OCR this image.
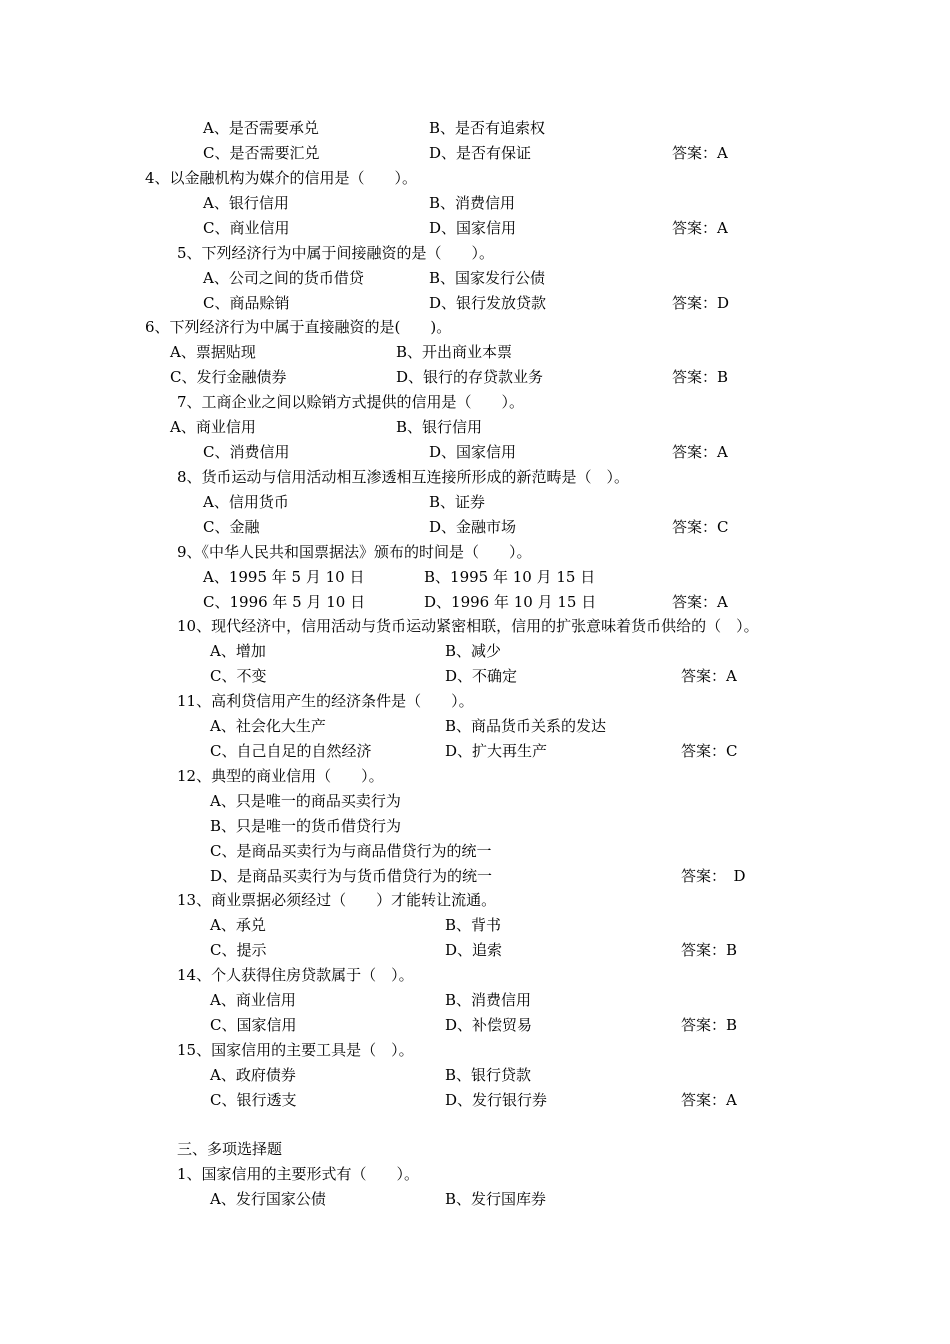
A、是否需要承兑	B、是否有追索权
C、是否需要汇兑	D、是否有保证	答案：A
4、以金融机构为媒介的信用是（　　）。
A、银行信用	B、消费信用
C、商业信用	D、国家信用	答案：A
5、下列经济行为中属于间接融资的是（　　）。
A、公司之间的货币借贷	B、国家发行公债
C、商品赊销	D、银行发放贷款	答案：D
6、下列经济行为中属于直接融资的是(　　)。
A、票据贴现	B、开出商业本票
C、发行金融债券	D、银行的存贷款业务	答案：B
7、工商企业之间以赊销方式提供的信用是（　　）。
A、商业信用	B、银行信用
C、消费信用	D、国家信用	答案：A
8、货币运动与信用活动相互渗透相互连接所形成的新范畴是（　）。
A、信用货币	B、证券
C、金融	D、金融市场	答案：C
9、《中华人民共和国票据法》颁布的时间是（　　）。
A、1995 年 5 月 10 日	B、1995 年 10 月 15 日
C、1996 年 5 月 10 日	D、1996 年 10 月 15 日	答案：A
10、现代经济中，信用活动与货币运动紧密相联，信用的扩张意味着货币供给的（　）。
A、增加	B、减少
C、不变	D、不确定	答案：A
11、高利贷信用产生的经济条件是（　　）。
A、社会化大生产	B、商品货币关系的发达
C、自己自足的自然经济	D、扩大再生产	答案：C
12、典型的商业信用（　　）。
A、只是唯一的商品买卖行为
B、只是唯一的货币借贷行为
C、是商品买卖行为与商品借贷行为的统一
D、是商品买卖行为与货币借贷行为的统一	答案：　D
13、商业票据必须经过（　　）才能转让流通。
A、承兑	B、背书
C、提示	D、追索	答案：B
14、个人获得住房贷款属于（　）。
A、商业信用	B、消费信用
C、国家信用	D、补偿贸易	答案：B
15、国家信用的主要工具是（　）。
A、政府债券	B、银行贷款
C、银行透支	D、发行银行券	答案：A
三、多项选择题
1、国家信用的主要形式有（　　）。
A、发行国家公债	B、发行国库券
